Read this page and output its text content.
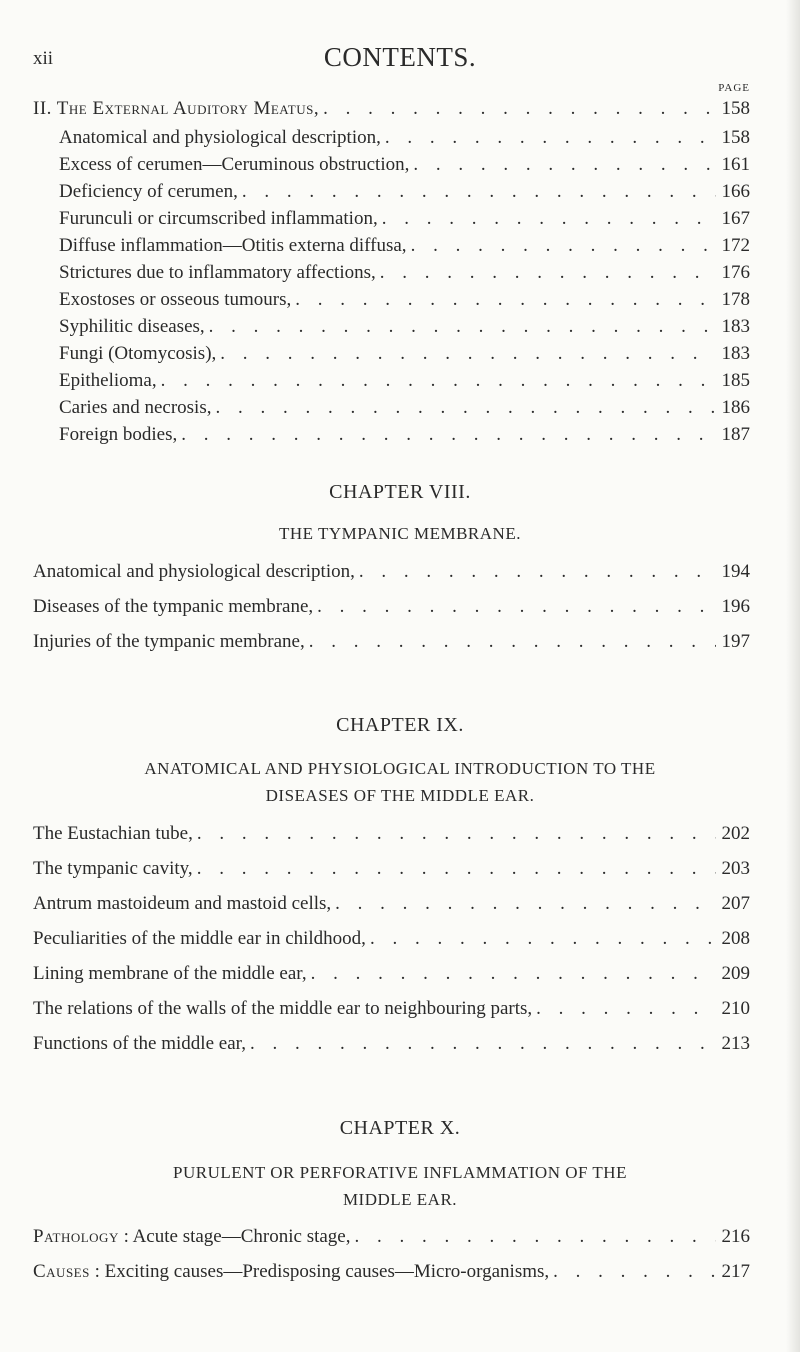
xii	CONTENTS.
PAGE
II. The External Auditory Meatus, . . .	158
Anatomical and physiological description, . . .	158
Excess of cerumen—Ceruminous obstruction, . . .	161
Deficiency of cerumen, . . .	166
Furunculi or circumscribed inflammation, . . .	167
Diffuse inflammation—Otitis externa diffusa, . . .	172
Strictures due to inflammatory affections, . . .	176
Exostoses or osseous tumours, . . .	178
Syphilitic diseases, . . .	183
Fungi (Otomycosis), . . .	183
Epithelioma, . . .	185
Caries and necrosis, . . .	186
Foreign bodies, . . .	187
CHAPTER VIII.
THE TYMPANIC MEMBRANE.
Anatomical and physiological description, . . .	194
Diseases of the tympanic membrane, . . .	196
Injuries of the tympanic membrane, . . .	197
CHAPTER IX.
ANATOMICAL AND PHYSIOLOGICAL INTRODUCTION TO THE
DISEASES OF THE MIDDLE EAR.
The Eustachian tube, . . .	202
The tympanic cavity, . . .	203
Antrum mastoideum and mastoid cells, . . .	207
Peculiarities of the middle ear in childhood, . . .	208
Lining membrane of the middle ear, . . .	209
The relations of the walls of the middle ear to neighbouring parts, . . .	210
Functions of the middle ear, . . .	213
CHAPTER X.
PURULENT OR PERFORATIVE INFLAMMATION OF THE
MIDDLE EAR.
Pathology : Acute stage—Chronic stage, . . .	216
Causes : Exciting causes—Predisposing causes—Micro-organisms, . . .	217
